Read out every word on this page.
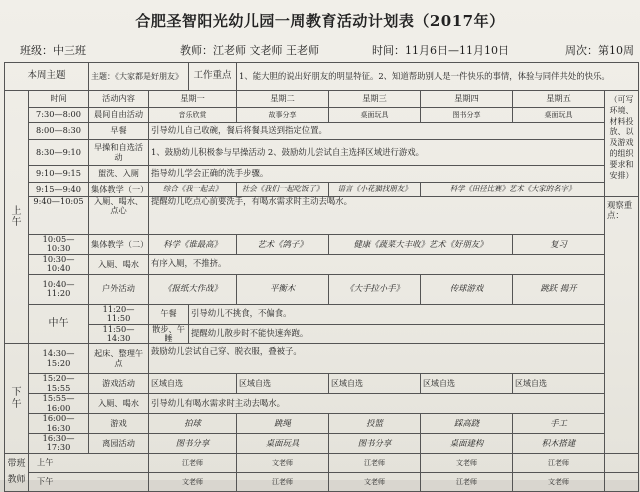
合肥圣智阳光幼儿园一周教育活动计划表（2017年）
班级：中三班	教师：江老师 文老师 王老师	时间：11月6日—11月10日	周次：第10周
本周主题		主题：《大家都是好朋友》		工作重点	1、能大胆的说出好朋友的明显特征。2、知道帮助别人是一件快乐的事情，体验与同伴共处的快乐。				
上午	时间	活动内容	星期一		星期二	星期三	星期四	星期五	（可写环境、材料投放、以及游戏的组织要求和安排）
	7:30—8:00	晨间自由活动	音乐欣赏		故事分享	桌面玩具	图书分享	桌面玩具	
	8:00—8:30	早餐	引导幼儿自己收碗，餐后将餐具送到指定位置。						
	8:30—9:10	早操和自选活动	1、鼓励幼儿积极参与早操活动 2、鼓励幼儿尝试自主选择区域进行游戏。						
	9:10—9:15	盥洗、入厕	指导幼儿学会正确的洗手步骤。						
	9:15—9:40	集体教学（一）	综合《我一起去》		社会《我们一起吃饭了》	语言《小花猫找朋友》	科学《田径比赛》艺术《大家的名字》		
	9:40—10:05	入厕、喝水、点心	提醒幼儿吃点心前要洗手，有喝水需求时主动去喝水。						观察重点：
	10:05—10:30	集体教学（二）	科学《谁最高》		艺术《鸽子》	健康《蔬菜大丰收》艺术《好朋友》		复习	
	10:30—10:40	入厕、喝水	有序入厕，不推挤。						
	10:40—11:20	户外活动	《报纸大作战》		平衡木	《大手拉小手》	传球游戏	跳跃 揭开	
	中午	11:20—11:50	午餐	引导幼儿不挑食，不偏食。					
		11:50—14:30	散步、午睡	提醒幼儿散步时不能快速奔跑。					
下午	14:30—15:20	起床、整理午点	鼓励幼儿尝试自己穿、脱衣服，叠被子。						
	15:20—15:55	游戏活动	区域自选		区域自选	区域自选	区域自选	区域自选	
	15:55—16:00	入厕、喝水	引导幼儿有喝水需求时主动去喝水。						
	16:00—16:30	游戏	拍球		跳绳	投篮	踩高跷	手工	
	16:30—17:30	离园活动	图书分享		桌面玩具	图书分享	桌面建构	积木搭建	
带班教师	上午		江老师		文老师	江老师	文老师	江老师	
	下午		文老师		江老师	文老师	江老师	文老师	
